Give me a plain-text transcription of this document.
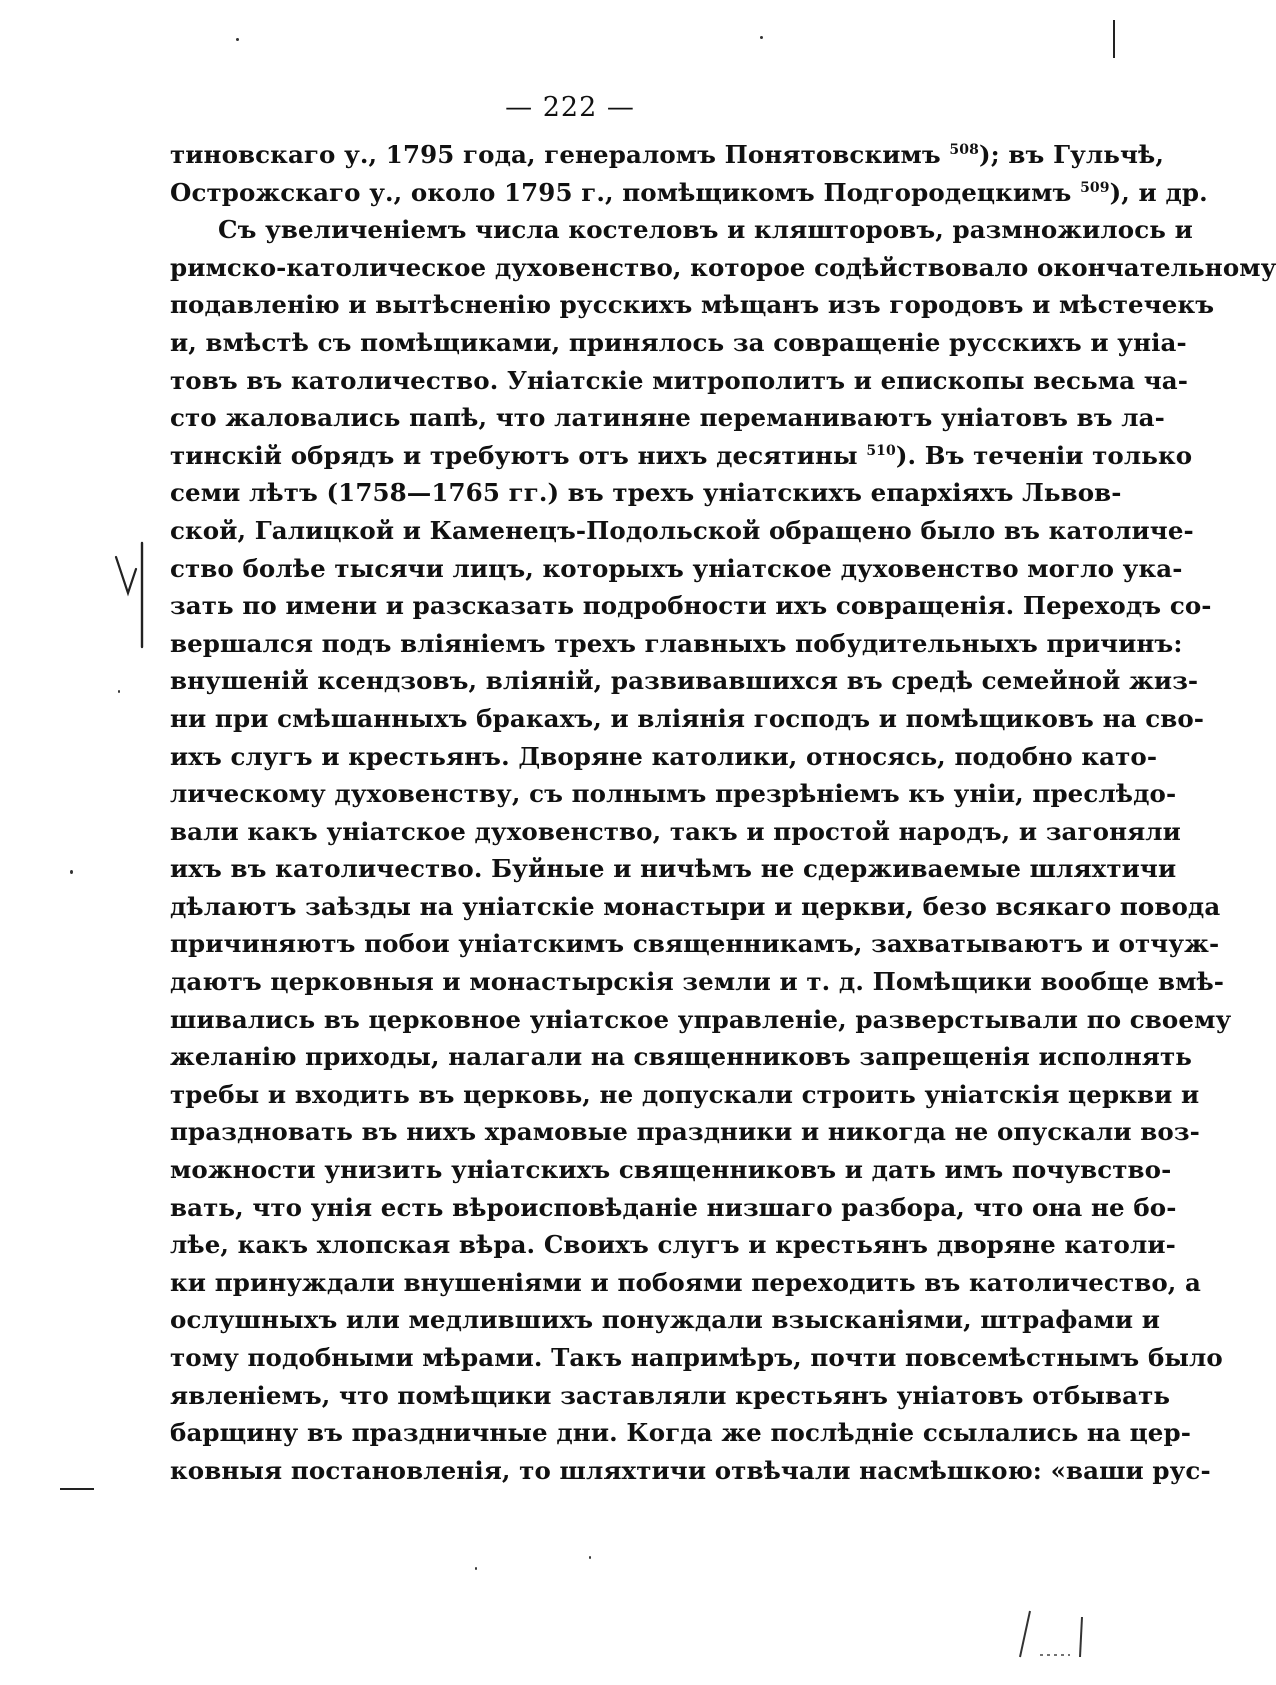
— 222 —
тиновскаго у., 1795 года, генераломъ Понятовскимъ $^{508}$); въ Гульчѣ,
Острожскаго у., около 1795 г., помѣщикомъ Подгородецкимъ $^{509}$), и др.
Съ увеличеніемъ числа костеловъ и кляшторовъ, размножилось и
римско-католическое духовенство, которое содѣйствовало окончательному
подавленію и вытѣсненію русскихъ мѣщанъ изъ городовъ и мѣстечекъ
и, вмѣстѣ съ помѣщиками, принялось за совращеніе русскихъ и уніа-
товъ въ католичество. Уніатскіе митрополитъ и епископы весьма ча-
сто жаловались папѣ, что латиняне переманиваютъ уніатовъ въ ла-
тинскій обрядъ и требуютъ отъ нихъ десятины $^{510}$). Въ теченіи только
семи лѣтъ (1758—1765 гг.) въ трехъ уніатскихъ епархіяхъ Львов-
ской, Галицкой и Каменецъ-Подольской обращено было въ католиче-
ство болѣе тысячи лицъ, которыхъ уніатское духовенство могло ука-
зать по имени и разсказать подробности ихъ совращенія. Переходъ со-
вершался подъ вліяніемъ трехъ главныхъ побудительныхъ причинъ:
внушеній ксендзовъ, вліяній, развивавшихся въ средѣ семейной жиз-
ни при смѣшанныхъ бракахъ, и вліянія господъ и помѣщиковъ на сво-
ихъ слугъ и крестьянъ. Дворяне католики, относясь, подобно като-
лическому духовенству, съ полнымъ презрѣніемъ къ уніи, преслѣдо-
вали какъ уніатское духовенство, такъ и простой народъ, и загоняли
ихъ въ католичество. Буйные и ничѣмъ не сдерживаемые шляхтичи
дѣлаютъ заѣзды на уніатскіе монастыри и церкви, безо всякаго повода
причиняютъ побои уніатскимъ священникамъ, захватываютъ и отчуж-
даютъ церковныя и монастырскія земли и т. д. Помѣщики вообще вмѣ-
шивались въ церковное уніатское управленіе, разверстывали по своему
желанію приходы, налагали на священниковъ запрещенія исполнять
требы и входить въ церковь, не допускали строить уніатскія церкви и
праздновать въ нихъ храмовые праздники и никогда не опускали воз-
можности унизить уніатскихъ священниковъ и дать имъ почувство-
вать, что унія есть вѣроисповѣданіе низшаго разбора, что она не бо-
лѣе, какъ хлопская вѣра. Своихъ слугъ и крестьянъ дворяне католи-
ки принуждали внушеніями и побоями переходить въ католичество, а
ослушныхъ или медлившихъ понуждали взысканіями, штрафами и
тому подобными мѣрами. Такъ напримѣръ, почти повсемѣстнымъ было
явленіемъ, что помѣщики заставляли крестьянъ уніатовъ отбывать
барщину въ праздничные дни. Когда же послѣдніе ссылались на цер-
ковныя постановленія, то шляхтичи отвѣчали насмѣшкою: «ваши рус-
